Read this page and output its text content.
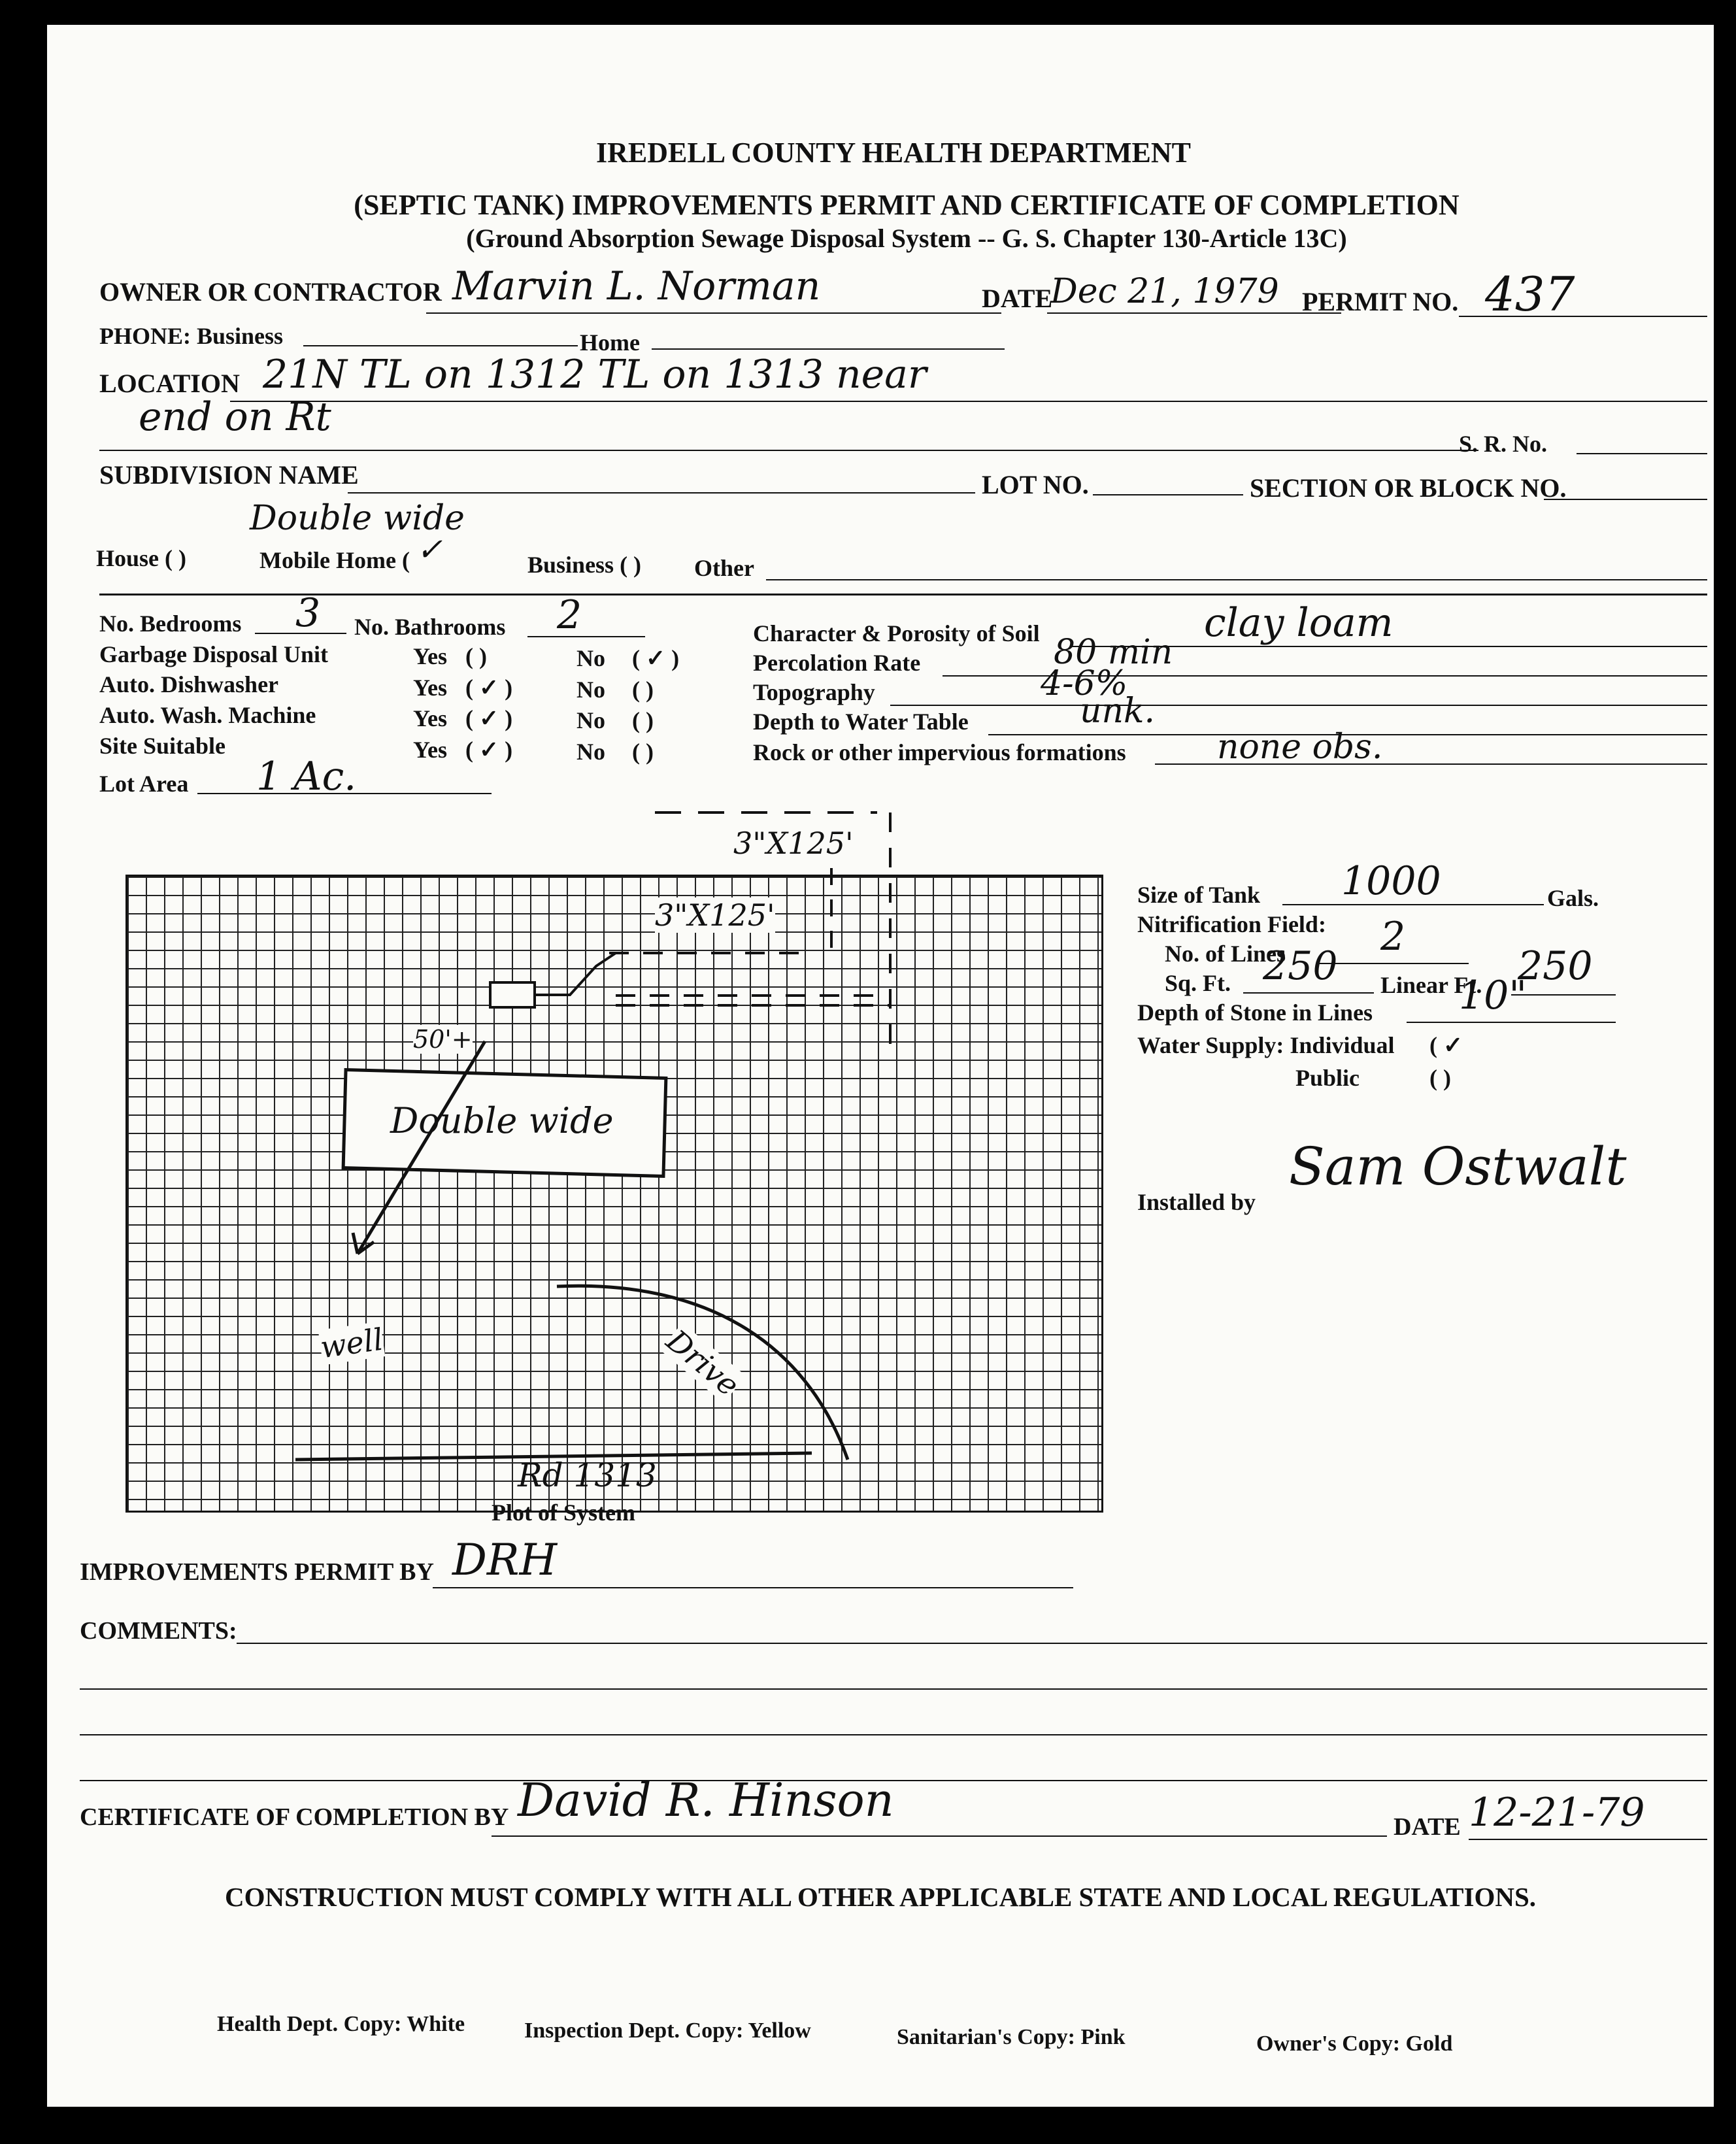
IREDELL COUNTY HEALTH DEPARTMENT
(SEPTIC TANK) IMPROVEMENTS PERMIT AND CERTIFICATE OF COMPLETION
(Ground Absorption Sewage Disposal System -- G. S. Chapter 130-Article 13C)
OWNER OR CONTRACTOR Marvin L. Norman	DATE
Dec 21, 1979 PERMIT NO. 437
PHONE: Business	Home
LOCATION 21N TL on 1312 TL on 1313 near
end on Rt
S. R. No.
SUBDIVISION NAME	LOT NO.	SECTION OR BLOCK NO.
Double wide
House ( )	Mobile Home ( ✓	Business ( ) Other
No. Bedrooms 3 No. Bathrooms 2
Garbage Disposal Unit	Yes ( )	No ( ✓ )
Auto. Dishwasher	Yes ( ✓ )	No ( )
Auto. Wash. Machine	Yes ( ✓ )	No ( )
Site Suitable	Yes ( ✓ )	No ( )
Lot Area 1 Ac.
Character & Porosity of Soil	clay loam
Percolation Rate	80 min
Topography	4-6%
Depth to Water Table	unk.
Rock or other impervious formations	none obs.
3"X125'
3"X125'
50'+
Double wide
well	Drive
Rd 1313
Plot of System
Size of Tank 1000	Gals.
Nitrification Field:
No. of Lines 2
Sq. Ft. 250 Linear Ft. 250
Depth of Stone in Lines 10"
Water Supply: Individual ( ✓
Public	( )
Installed by
Sam Ostwalt
IMPROVEMENTS PERMIT BY DRH
COMMENTS:
CERTIFICATE OF COMPLETION BY David R. Hinson	DATE 12-21-79
CONSTRUCTION MUST COMPLY WITH ALL OTHER APPLICABLE STATE AND LOCAL REGULATIONS.
Health Dept. Copy: White	Inspection Dept. Copy: Yellow	Sanitarian's Copy: Pink	Owner's Copy: Gold
